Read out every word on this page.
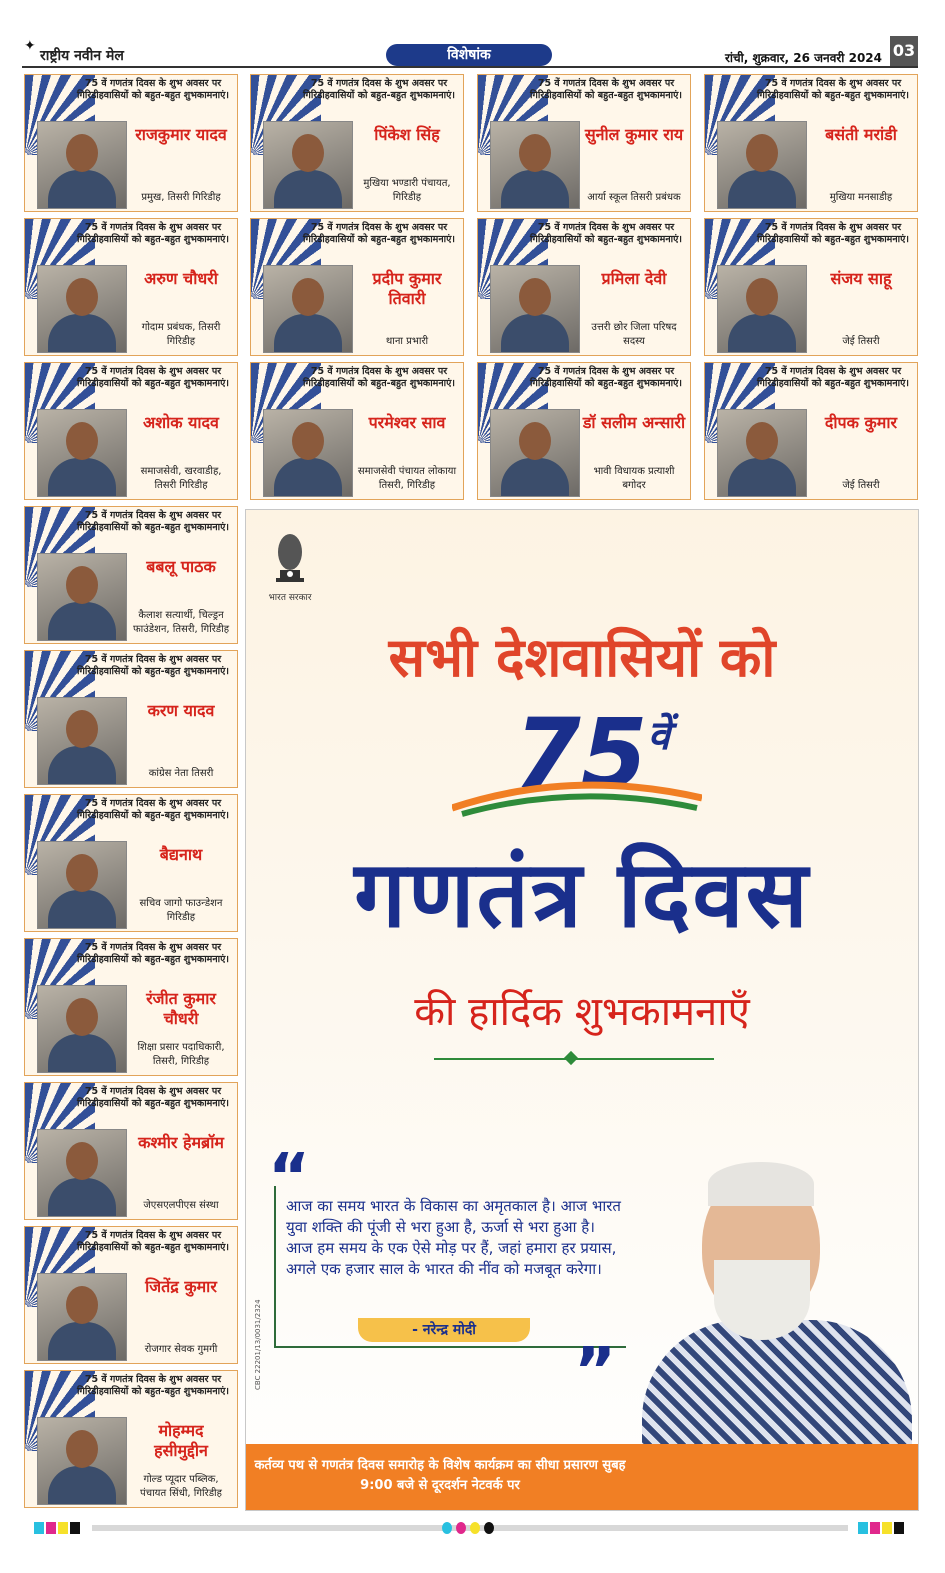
✦
राष्ट्रीय नवीन मेल	विशेषांक	रांची, शुक्रवार, 26 जनवरी 2024 03
75 वें गणतंत्र दिवस के शुभ अवसर पर गिरिडीहवासियों को बहुत-बहुत शुभकामनाएं।
राजकुमार यादव
प्रमुख, तिसरी गिरिडीह
75 वें गणतंत्र दिवस के शुभ अवसर पर गिरिडीहवासियों को बहुत-बहुत शुभकामनाएं।
पिंकेश सिंह
मुखिया भण्डारी पंचायत, गिरिडीह
75 वें गणतंत्र दिवस के शुभ अवसर पर गिरिडीहवासियों को बहुत-बहुत शुभकामनाएं।
सुनील कुमार राय
आर्या स्कूल तिसरी प्रबंधक
75 वें गणतंत्र दिवस के शुभ अवसर पर गिरिडीहवासियों को बहुत-बहुत शुभकामनाएं।
बसंती मरांडी
मुखिया मनसाडीह
75 वें गणतंत्र दिवस के शुभ अवसर पर गिरिडीहवासियों को बहुत-बहुत शुभकामनाएं।
अरुण चौधरी
गोदाम प्रबंधक, तिसरी गिरिडीह
75 वें गणतंत्र दिवस के शुभ अवसर पर गिरिडीहवासियों को बहुत-बहुत शुभकामनाएं।
प्रदीप कुमार तिवारी
थाना प्रभारी
75 वें गणतंत्र दिवस के शुभ अवसर पर गिरिडीहवासियों को बहुत-बहुत शुभकामनाएं।
प्रमिला देवी
उत्तरी छोर जिला परिषद सदस्य
75 वें गणतंत्र दिवस के शुभ अवसर पर गिरिडीहवासियों को बहुत-बहुत शुभकामनाएं।
संजय साहू
जेई तिसरी
75 वें गणतंत्र दिवस के शुभ अवसर पर गिरिडीहवासियों को बहुत-बहुत शुभकामनाएं।
अशोक यादव
समाजसेवी, खरवाडीह, तिसरी गिरिडीह
75 वें गणतंत्र दिवस के शुभ अवसर पर गिरिडीहवासियों को बहुत-बहुत शुभकामनाएं।
परमेश्वर साव
समाजसेवी पंचायत लोकाया तिसरी, गिरिडीह
75 वें गणतंत्र दिवस के शुभ अवसर पर गिरिडीहवासियों को बहुत-बहुत शुभकामनाएं।
डॉ सलीम अन्सारी
भावी विधायक प्रत्याशी बगोदर
75 वें गणतंत्र दिवस के शुभ अवसर पर गिरिडीहवासियों को बहुत-बहुत शुभकामनाएं।
दीपक कुमार
जेई तिसरी
75 वें गणतंत्र दिवस के शुभ अवसर पर गिरिडीहवासियों को बहुत-बहुत शुभकामनाएं।
बबलू पाठक
कैलाश सत्यार्थी, चिल्ड्रन फाउंडेशन, तिसरी, गिरिडीह
75 वें गणतंत्र दिवस के शुभ अवसर पर गिरिडीहवासियों को बहुत-बहुत शुभकामनाएं।
करण यादव
कांग्रेस नेता तिसरी
75 वें गणतंत्र दिवस के शुभ अवसर पर गिरिडीहवासियों को बहुत-बहुत शुभकामनाएं।
बैद्यनाथ
सचिव जागो फाउन्डेशन गिरिडीह
75 वें गणतंत्र दिवस के शुभ अवसर पर गिरिडीहवासियों को बहुत-बहुत शुभकामनाएं।
रंजीत कुमार चौधरी
शिक्षा प्रसार पदाधिकारी, तिसरी, गिरिडीह
75 वें गणतंत्र दिवस के शुभ अवसर पर गिरिडीहवासियों को बहुत-बहुत शुभकामनाएं।
कश्मीर हेमब्रॉम
जेएसएलपीएस संस्था
75 वें गणतंत्र दिवस के शुभ अवसर पर गिरिडीहवासियों को बहुत-बहुत शुभकामनाएं।
जितेंद्र कुमार
रोजगार सेवक गुमगी
75 वें गणतंत्र दिवस के शुभ अवसर पर गिरिडीहवासियों को बहुत-बहुत शुभकामनाएं।
मोहम्मद हसीमुद्दीन
गोल्ड प्यूदार पब्लिक, पंचायत सिंधी, गिरिडीह
भारत सरकार
सभी देशवासियों को
$75^{वें}$
गणतंत्र दिवस
की हार्दिक शुभकामनाएँ
“
आज का समय भारत के विकास का अमृतकाल है। आज भारत युवा शक्ति की पूंजी से भरा हुआ है, ऊर्जा से भरा हुआ है। आज हम समय के एक ऐसे मोड़ पर हैं, जहां हमारा हर प्रयास, अगले एक हजार साल के भारत की नींव को मजबूत करेगा।
- नरेन्द्र मोदी
”
कर्तव्य पथ से गणतंत्र दिवस समारोह के विशेष कार्यक्रम का सीधा प्रसारण सुबह 9:00 बजे से दूरदर्शन नेटवर्क पर
CBC 22201/13/0031/2324
